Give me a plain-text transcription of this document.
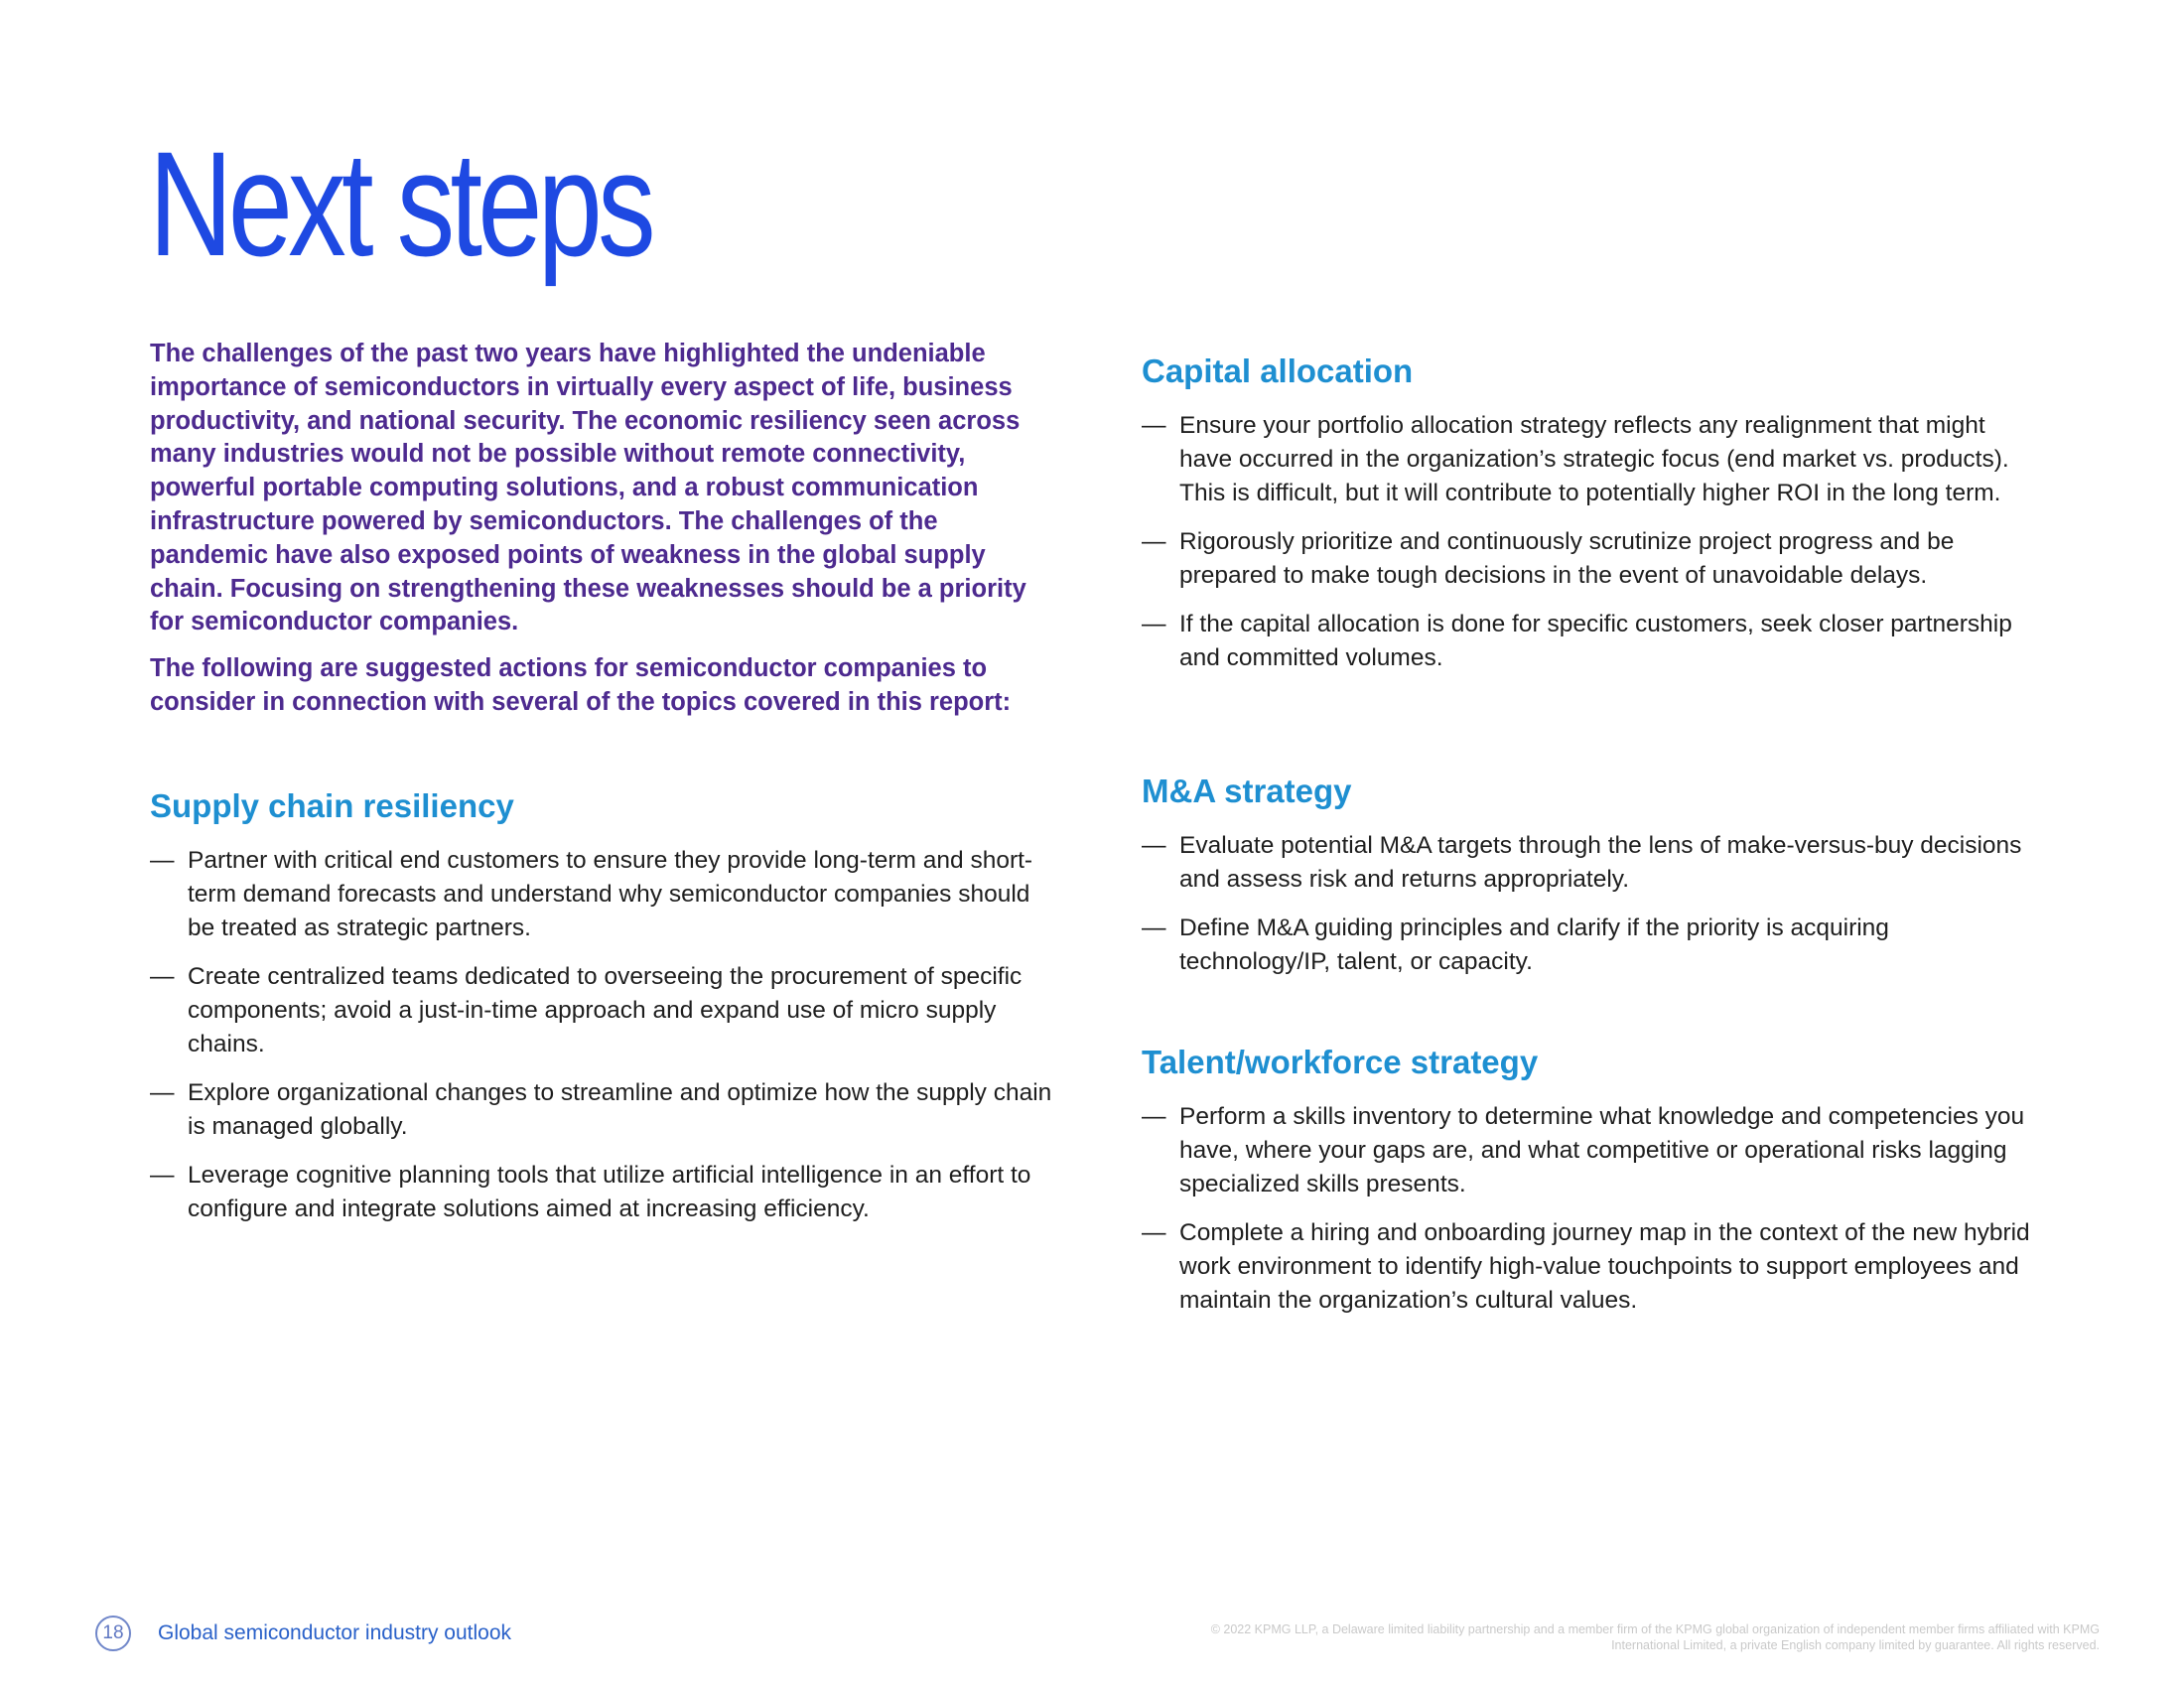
Next steps

The challenges of the past two years have highlighted the undeniable importance of semiconductors in virtually every aspect of life, business productivity, and national security. The economic resiliency seen across many industries would not be possible without remote connectivity, powerful portable computing solutions, and a robust communication infrastructure powered by semiconductors. The challenges of the pandemic have also exposed points of weakness in the global supply chain. Focusing on strengthening these weaknesses should be a priority for semiconductor companies.

The following are suggested actions for semiconductor companies to consider in connection with several of the topics covered in this report:

Supply chain resiliency
— Partner with critical end customers to ensure they provide long-term and short-term demand forecasts and understand why semiconductor companies should be treated as strategic partners.
— Create centralized teams dedicated to overseeing the procurement of specific components; avoid a just-in-time approach and expand use of micro supply chains.
— Explore organizational changes to streamline and optimize how the supply chain is managed globally.
— Leverage cognitive planning tools that utilize artificial intelligence in an effort to configure and integrate solutions aimed at increasing efficiency.
Capital allocation
— Ensure your portfolio allocation strategy reflects any realignment that might have occurred in the organization’s strategic focus (end market vs. products). This is difficult, but it will contribute to potentially higher ROI in the long term.
— Rigorously prioritize and continuously scrutinize project progress and be prepared to make tough decisions in the event of unavoidable delays.
— If the capital allocation is done for specific customers, seek closer partnership and committed volumes.
M&A strategy
— Evaluate potential M&A targets through the lens of make-versus-buy decisions and assess risk and returns appropriately.
— Define M&A guiding principles and clarify if the priority is acquiring technology/IP, talent, or capacity.
Talent/workforce strategy
— Perform a skills inventory to determine what knowledge and competencies you have, where your gaps are, and what competitive or operational risks lagging specialized skills presents.
— Complete a hiring and onboarding journey map in the context of the new hybrid work environment to identify high-value touchpoints to support employees and maintain the organization’s cultural values.
18	Global semiconductor industry outlook	© 2022 KPMG LLP, a Delaware limited liability partnership and a member firm of the KPMG global organization of independent member firms affiliated with KPMG International Limited, a private English company limited by guarantee. All rights reserved.
